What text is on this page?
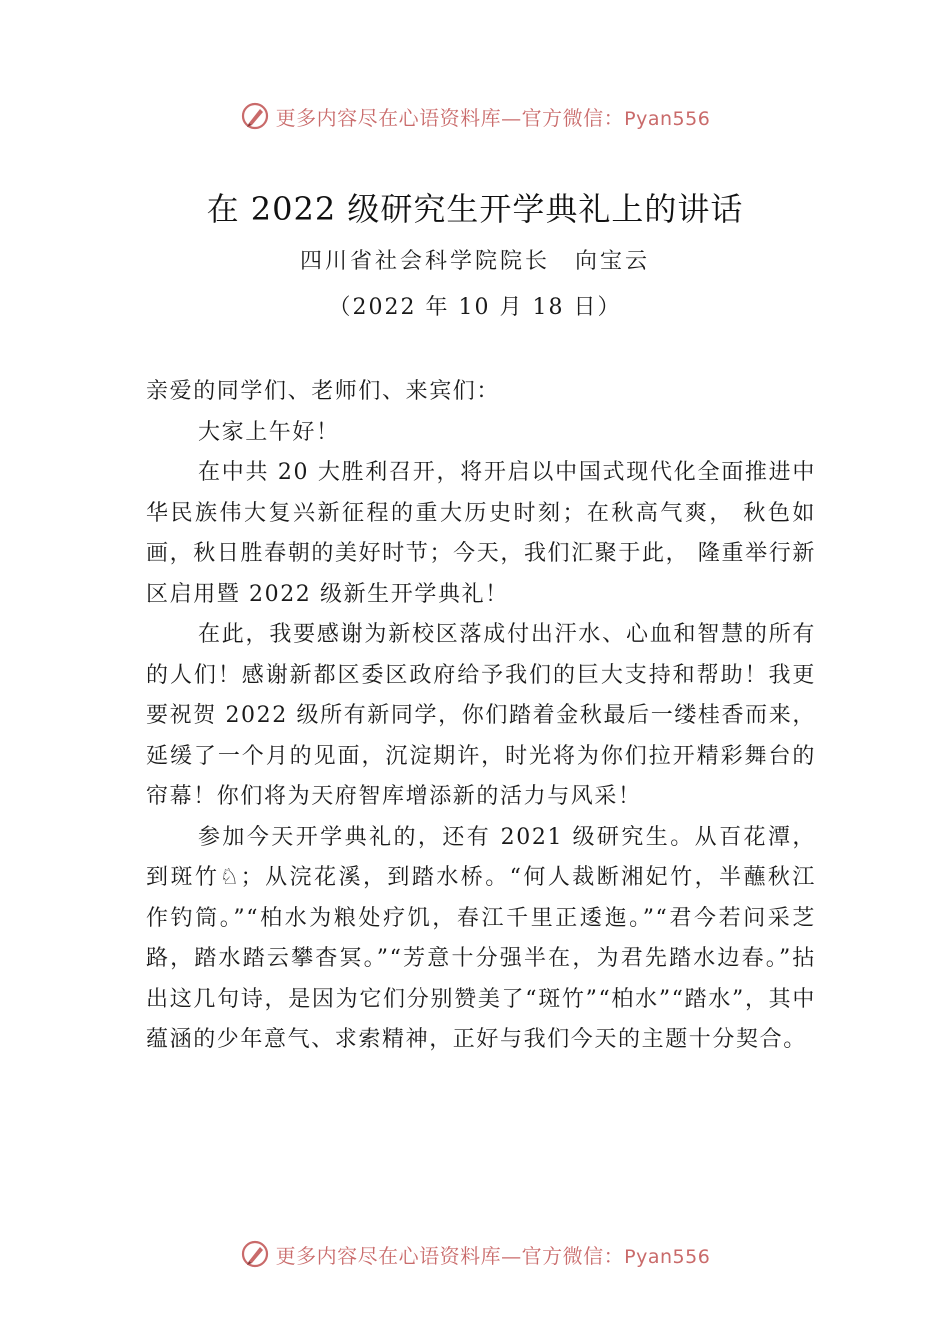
更多内容尽在心语资料库—官方微信：Pyan556
在 2022 级研究生开学典礼上的讲话
四川省社会科学院院长　向宝云
（2022 年 10 月 18 日）

亲爱的同学们、老师们、来宾们：

大家上午好！

在中共 20 大胜利召开，将开启以中国式现代化全面推进中华民族伟大复兴新征程的重大历史时刻；在秋高气爽， 秋色如画，秋日胜春朝的美好时节；今天，我们汇聚于此， 隆重举行新区启用暨 2022 级新生开学典礼！

在此，我要感谢为新校区落成付出汗水、心血和智慧的所有的人们！感谢新都区委区政府给予我们的巨大支持和帮助！我更要祝贺 2022 级所有新同学，你们踏着金秋最后一缕桂香而来，延缓了一个月的见面，沉淀期许，时光将为你们拉开精彩舞台的帘幕！你们将为天府智库增添新的活力与风采！

参加今天开学典礼的，还有 2021 级研究生。从百花潭，到斑竹♘；从浣花溪，到踏水桥。“何人裁断湘妃竹，半蘸秋江作钓筒。”“柏水为粮处疗饥，春江千里正逶迤。”“君今若问采芝路，踏水踏云攀杳冥。”“芳意十分强半在，为君先踏水边春。”拈出这几句诗，是因为它们分别赞美了“斑竹”“柏水”“踏水”，其中蕴涵的少年意气、求索精神，正好与我们今天的主题十分契合。

更多内容尽在心语资料库—官方微信：Pyan556
